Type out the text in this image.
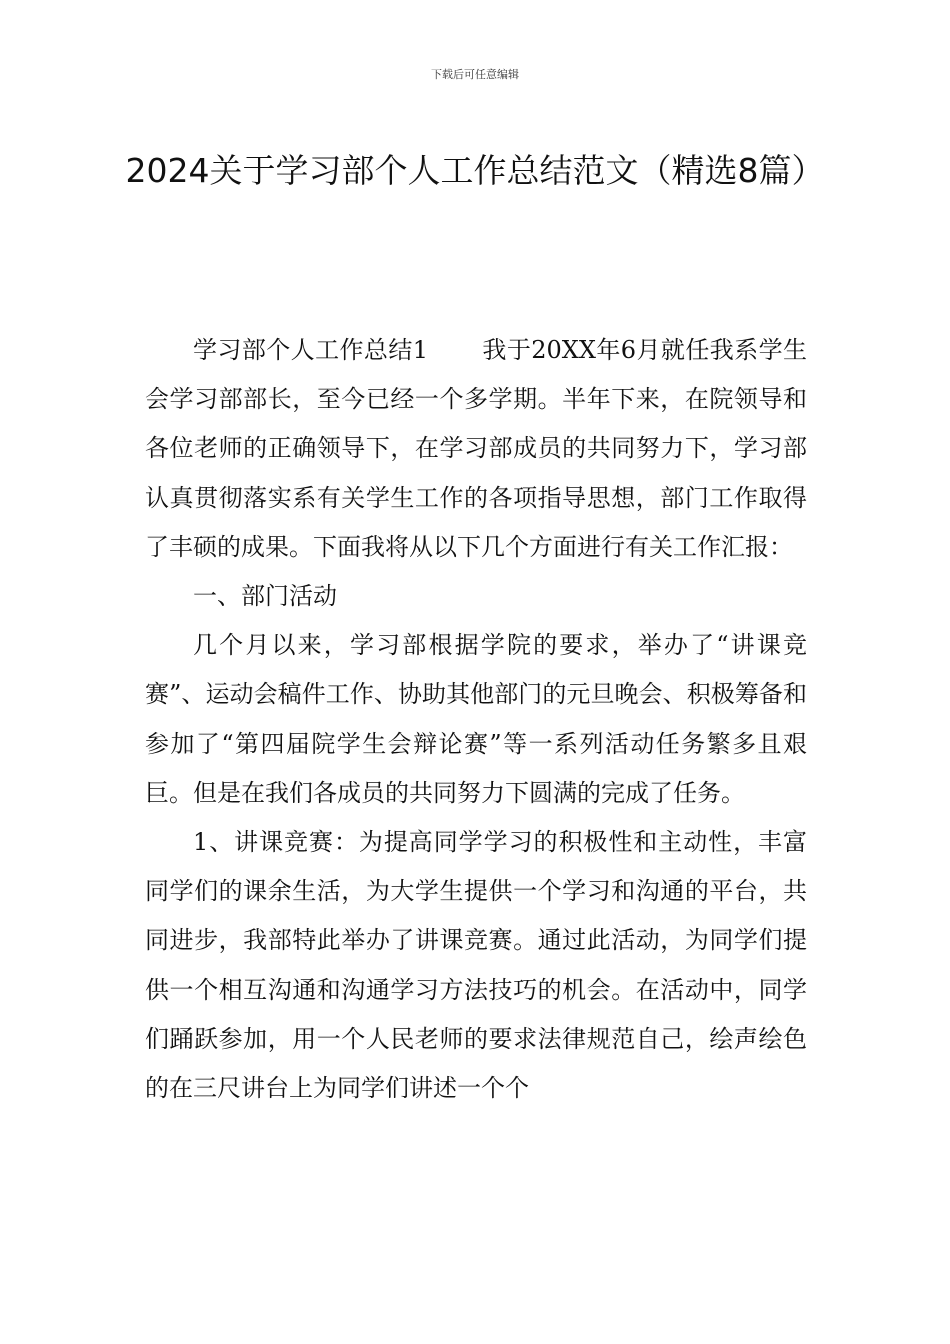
下载后可任意编辑
2024关于学习部个人工作总结范文（精选8篇）

学习部个人工作总结1 我于20XX年6月就任我系学生会学习部部长，至今已经一个多学期。半年下来，在院领导和各位老师的正确领导下，在学习部成员的共同努力下，学习部认真贯彻落实系有关学生工作的各项指导思想，部门工作取得了丰硕的成果。下面我将从以下几个方面进行有关工作汇报：

一、部门活动

几个月以来，学习部根据学院的要求，举办了“讲课竞赛”、运动会稿件工作、协助其他部门的元旦晚会、积极筹备和参加了“第四届院学生会辩论赛”等一系列活动任务繁多且艰巨。但是在我们各成员的共同努力下圆满的完成了任务。

1、讲课竞赛：为提高同学学习的积极性和主动性，丰富同学们的课余生活，为大学生提供一个学习和沟通的平台，共同进步，我部特此举办了讲课竞赛。通过此活动，为同学们提供一个相互沟通和沟通学习方法技巧的机会。在活动中，同学们踊跃参加，用一个人民老师的要求法律规范自己，绘声绘色的在三尺讲台上为同学们讲述一个个
